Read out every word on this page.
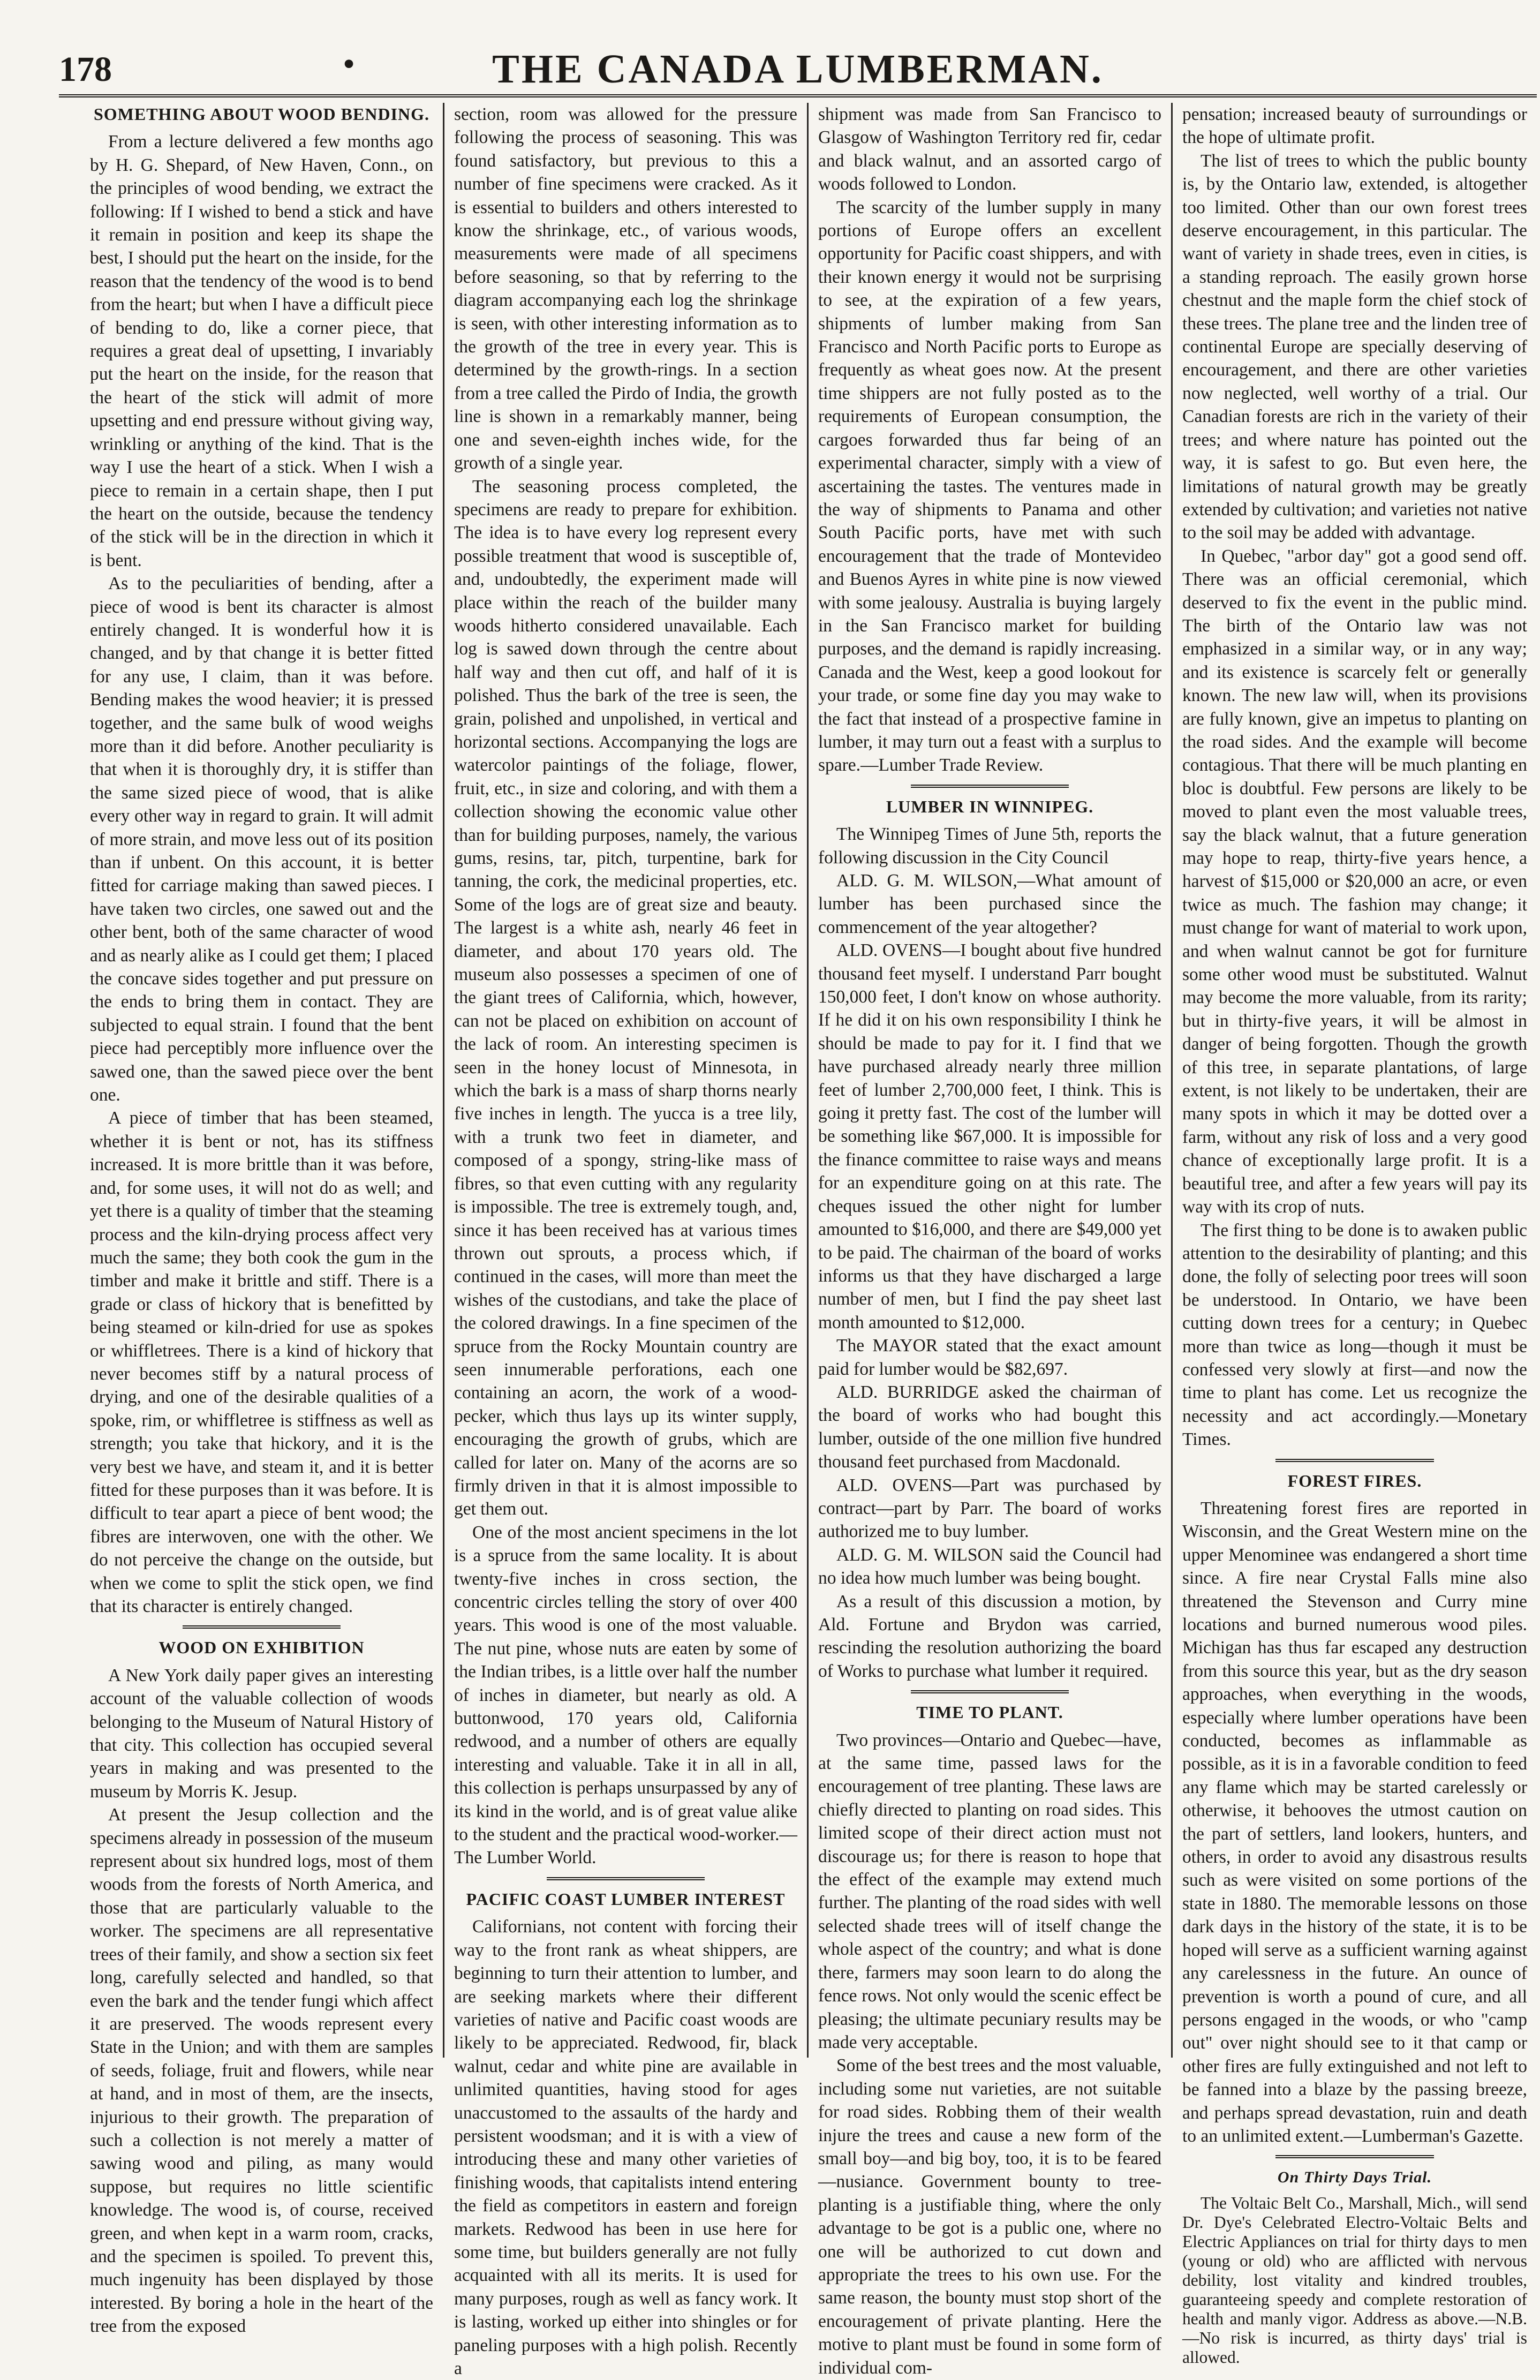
178	•	THE CANADA LUMBERMAN.
SOMETHING ABOUT WOOD BENDING.

From a lecture delivered a few months ago by H. G. Shepard, of New Haven, Conn., on the principles of wood bending, we extract the following: If I wished to bend a stick and have it remain in position and keep its shape the best, I should put the heart on the inside, for the reason that the tendency of the wood is to bend from the heart; but when I have a difficult piece of bending to do, like a corner piece, that requires a great deal of upsetting, I invariably put the heart on the inside, for the reason that the heart of the stick will admit of more upsetting and end pressure without giving way, wrinkling or anything of the kind. That is the way I use the heart of a stick. When I wish a piece to remain in a certain shape, then I put the heart on the outside, because the tendency of the stick will be in the direction in which it is bent.

As to the peculiarities of bending, after a piece of wood is bent its character is almost entirely changed. It is wonderful how it is changed, and by that change it is better fitted for any use, I claim, than it was before. Bending makes the wood heavier; it is pressed together, and the same bulk of wood weighs more than it did before. Another peculiarity is that when it is thoroughly dry, it is stiffer than the same sized piece of wood, that is alike every other way in regard to grain. It will admit of more strain, and move less out of its position than if unbent. On this account, it is better fitted for carriage making than sawed pieces. I have taken two circles, one sawed out and the other bent, both of the same character of wood and as nearly alike as I could get them; I placed the concave sides together and put pressure on the ends to bring them in contact. They are subjected to equal strain. I found that the bent piece had perceptibly more influence over the sawed one, than the sawed piece over the bent one.

A piece of timber that has been steamed, whether it is bent or not, has its stiffness increased. It is more brittle than it was before, and, for some uses, it will not do as well; and yet there is a quality of timber that the steaming process and the kiln-drying process affect very much the same; they both cook the gum in the timber and make it brittle and stiff. There is a grade or class of hickory that is benefitted by being steamed or kiln-dried for use as spokes or whiffletrees. There is a kind of hickory that never becomes stiff by a natural process of drying, and one of the desirable qualities of a spoke, rim, or whiffletree is stiffness as well as strength; you take that hickory, and it is the very best we have, and steam it, and it is better fitted for these purposes than it was before. It is difficult to tear apart a piece of bent wood; the fibres are interwoven, one with the other. We do not perceive the change on the outside, but when we come to split the stick open, we find that its character is entirely changed.

WOOD ON EXHIBITION

A New York daily paper gives an interesting account of the valuable collection of woods belonging to the Museum of Natural History of that city. This collection has occupied several years in making and was presented to the museum by Morris K. Jesup.

At present the Jesup collection and the specimens already in possession of the museum represent about six hundred logs, most of them woods from the forests of North America, and those that are particularly valuable to the worker. The specimens are all representative trees of their family, and show a section six feet long, carefully selected and handled, so that even the bark and the tender fungi which affect it are preserved. The woods represent every State in the Union; and with them are samples of seeds, foliage, fruit and flowers, while near at hand, and in most of them, are the insects, injurious to their growth. The preparation of such a collection is not merely a matter of sawing wood and piling, as many would suppose, but requires no little scientific knowledge. The wood is, of course, received green, and when kept in a warm room, cracks, and the specimen is spoiled. To prevent this, much ingenuity has been displayed by those interested. By boring a hole in the heart of the tree from the exposed

section, room was allowed for the pressure following the process of seasoning. This was found satisfactory, but previous to this a number of fine specimens were cracked. As it is essential to builders and others interested to know the shrinkage, etc., of various woods, measurements were made of all specimens before seasoning, so that by referring to the diagram accompanying each log the shrinkage is seen, with other interesting information as to the growth of the tree in every year. This is determined by the growth-rings. In a section from a tree called the Pirdo of India, the growth line is shown in a remarkably manner, being one and seven-eighth inches wide, for the growth of a single year.

The seasoning process completed, the specimens are ready to prepare for exhibition. The idea is to have every log represent every possible treatment that wood is susceptible of, and, undoubtedly, the experiment made will place within the reach of the builder many woods hitherto considered unavailable. Each log is sawed down through the centre about half way and then cut off, and half of it is polished. Thus the bark of the tree is seen, the grain, polished and unpolished, in vertical and horizontal sections. Accompanying the logs are watercolor paintings of the foliage, flower, fruit, etc., in size and coloring, and with them a collection showing the economic value other than for building purposes, namely, the various gums, resins, tar, pitch, turpentine, bark for tanning, the cork, the medicinal properties, etc. Some of the logs are of great size and beauty. The largest is a white ash, nearly 46 feet in diameter, and about 170 years old. The museum also possesses a specimen of one of the giant trees of California, which, however, can not be placed on exhibition on account of the lack of room. An interesting specimen is seen in the honey locust of Minnesota, in which the bark is a mass of sharp thorns nearly five inches in length. The yucca is a tree lily, with a trunk two feet in diameter, and composed of a spongy, string-like mass of fibres, so that even cutting with any regularity is impossible. The tree is extremely tough, and, since it has been received has at various times thrown out sprouts, a process which, if continued in the cases, will more than meet the wishes of the custodians, and take the place of the colored drawings. In a fine specimen of the spruce from the Rocky Mountain country are seen innumerable perforations, each one containing an acorn, the work of a wood-pecker, which thus lays up its winter supply, encouraging the growth of grubs, which are called for later on. Many of the acorns are so firmly driven in that it is almost impossible to get them out.

One of the most ancient specimens in the lot is a spruce from the same locality. It is about twenty-five inches in cross section, the concentric circles telling the story of over 400 years. This wood is one of the most valuable. The nut pine, whose nuts are eaten by some of the Indian tribes, is a little over half the number of inches in diameter, but nearly as old. A buttonwood, 170 years old, California redwood, and a number of others are equally interesting and valuable. Take it in all in all, this collection is perhaps unsurpassed by any of its kind in the world, and is of great value alike to the student and the practical wood-worker.—The Lumber World.

PACIFIC COAST LUMBER INTEREST

Californians, not content with forcing their way to the front rank as wheat shippers, are beginning to turn their attention to lumber, and are seeking markets where their different varieties of native and Pacific coast woods are likely to be appreciated. Redwood, fir, black walnut, cedar and white pine are available in unlimited quantities, having stood for ages unaccustomed to the assaults of the hardy and persistent woodsman; and it is with a view of introducing these and many other varieties of finishing woods, that capitalists intend entering the field as competitors in eastern and foreign markets. Redwood has been in use here for some time, but builders generally are not fully acquainted with all its merits. It is used for many purposes, rough as well as fancy work. It is lasting, worked up either into shingles or for paneling purposes with a high polish. Recently a

shipment was made from San Francisco to Glasgow of Washington Territory red fir, cedar and black walnut, and an assorted cargo of woods followed to London.

The scarcity of the lumber supply in many portions of Europe offers an excellent opportunity for Pacific coast shippers, and with their known energy it would not be surprising to see, at the expiration of a few years, shipments of lumber making from San Francisco and North Pacific ports to Europe as frequently as wheat goes now. At the present time shippers are not fully posted as to the requirements of European consumption, the cargoes forwarded thus far being of an experimental character, simply with a view of ascertaining the tastes. The ventures made in the way of shipments to Panama and other South Pacific ports, have met with such encouragement that the trade of Montevideo and Buenos Ayres in white pine is now viewed with some jealousy. Australia is buying largely in the San Francisco market for building purposes, and the demand is rapidly increasing. Canada and the West, keep a good lookout for your trade, or some fine day you may wake to the fact that instead of a prospective famine in lumber, it may turn out a feast with a surplus to spare.—Lumber Trade Review.

LUMBER IN WINNIPEG.

The Winnipeg Times of June 5th, reports the following discussion in the City Council

ALD. G. M. WILSON,—What amount of lumber has been purchased since the commencement of the year altogether?

ALD. OVENS—I bought about five hundred thousand feet myself. I understand Parr bought 150,000 feet, I don't know on whose authority. If he did it on his own responsibility I think he should be made to pay for it. I find that we have purchased already nearly three million feet of lumber 2,700,000 feet, I think. This is going it pretty fast. The cost of the lumber will be something like $67,000. It is impossible for the finance committee to raise ways and means for an expenditure going on at this rate. The cheques issued the other night for lumber amounted to $16,000, and there are $49,000 yet to be paid. The chairman of the board of works informs us that they have discharged a large number of men, but I find the pay sheet last month amounted to $12,000.

The MAYOR stated that the exact amount paid for lumber would be $82,697.

ALD. BURRIDGE asked the chairman of the board of works who had bought this lumber, outside of the one million five hundred thousand feet purchased from Macdonald.

ALD. OVENS—Part was purchased by contract—part by Parr. The board of works authorized me to buy lumber.

ALD. G. M. WILSON said the Council had no idea how much lumber was being bought.

As a result of this discussion a motion, by Ald. Fortune and Brydon was carried, rescinding the resolution authorizing the board of Works to purchase what lumber it required.

TIME TO PLANT.

Two provinces—Ontario and Quebec—have, at the same time, passed laws for the encouragement of tree planting. These laws are chiefly directed to planting on road sides. This limited scope of their direct action must not discourage us; for there is reason to hope that the effect of the example may extend much further. The planting of the road sides with well selected shade trees will of itself change the whole aspect of the country; and what is done there, farmers may soon learn to do along the fence rows. Not only would the scenic effect be pleasing; the ultimate pecuniary results may be made very acceptable.

Some of the best trees and the most valuable, including some nut varieties, are not suitable for road sides. Robbing them of their wealth injure the trees and cause a new form of the small boy—and big boy, too, it is to be feared—nusiance. Government bounty to tree-planting is a justifiable thing, where the only advantage to be got is a public one, where no one will be authorized to cut down and appropriate the trees to his own use. For the same reason, the bounty must stop short of the encouragement of private planting. Here the motive to plant must be found in some form of individual com-

pensation; increased beauty of surroundings or the hope of ultimate profit.

The list of trees to which the public bounty is, by the Ontario law, extended, is altogether too limited. Other than our own forest trees deserve encouragement, in this particular. The want of variety in shade trees, even in cities, is a standing reproach. The easily grown horse chestnut and the maple form the chief stock of these trees. The plane tree and the linden tree of continental Europe are specially deserving of encouragement, and there are other varieties now neglected, well worthy of a trial. Our Canadian forests are rich in the variety of their trees; and where nature has pointed out the way, it is safest to go. But even here, the limitations of natural growth may be greatly extended by cultivation; and varieties not native to the soil may be added with advantage.

In Quebec, "arbor day" got a good send off. There was an official ceremonial, which deserved to fix the event in the public mind. The birth of the Ontario law was not emphasized in a similar way, or in any way; and its existence is scarcely felt or generally known. The new law will, when its provisions are fully known, give an impetus to planting on the road sides. And the example will become contagious. That there will be much planting en bloc is doubtful. Few persons are likely to be moved to plant even the most valuable trees, say the black walnut, that a future generation may hope to reap, thirty-five years hence, a harvest of $15,000 or $20,000 an acre, or even twice as much. The fashion may change; it must change for want of material to work upon, and when walnut cannot be got for furniture some other wood must be substituted. Walnut may become the more valuable, from its rarity; but in thirty-five years, it will be almost in danger of being forgotten. Though the growth of this tree, in separate plantations, of large extent, is not likely to be undertaken, their are many spots in which it may be dotted over a farm, without any risk of loss and a very good chance of exceptionally large profit. It is a beautiful tree, and after a few years will pay its way with its crop of nuts.

The first thing to be done is to awaken public attention to the desirability of planting; and this done, the folly of selecting poor trees will soon be understood. In Ontario, we have been cutting down trees for a century; in Quebec more than twice as long—though it must be confessed very slowly at first—and now the time to plant has come. Let us recognize the necessity and act accordingly.—Monetary Times.

FOREST FIRES.

Threatening forest fires are reported in Wisconsin, and the Great Western mine on the upper Menominee was endangered a short time since. A fire near Crystal Falls mine also threatened the Stevenson and Curry mine locations and burned numerous wood piles. Michigan has thus far escaped any destruction from this source this year, but as the dry season approaches, when everything in the woods, especially where lumber operations have been conducted, becomes as inflammable as possible, as it is in a favorable condition to feed any flame which may be started carelessly or otherwise, it behooves the utmost caution on the part of settlers, land lookers, hunters, and others, in order to avoid any disastrous results such as were visited on some portions of the state in 1880. The memorable lessons on those dark days in the history of the state, it is to be hoped will serve as a sufficient warning against any carelessness in the future. An ounce of prevention is worth a pound of cure, and all persons engaged in the woods, or who "camp out" over night should see to it that camp or other fires are fully extinguished and not left to be fanned into a blaze by the passing breeze, and perhaps spread devastation, ruin and death to an unlimited extent.—Lumberman's Gazette.

On Thirty Days Trial.

The Voltaic Belt Co., Marshall, Mich., will send Dr. Dye's Celebrated Electro-Voltaic Belts and Electric Appliances on trial for thirty days to men (young or old) who are afflicted with nervous debility, lost vitality and kindred troubles, guaranteeing speedy and complete restoration of health and manly vigor. Address as above.—N.B.—No risk is incurred, as thirty days' trial is allowed.
